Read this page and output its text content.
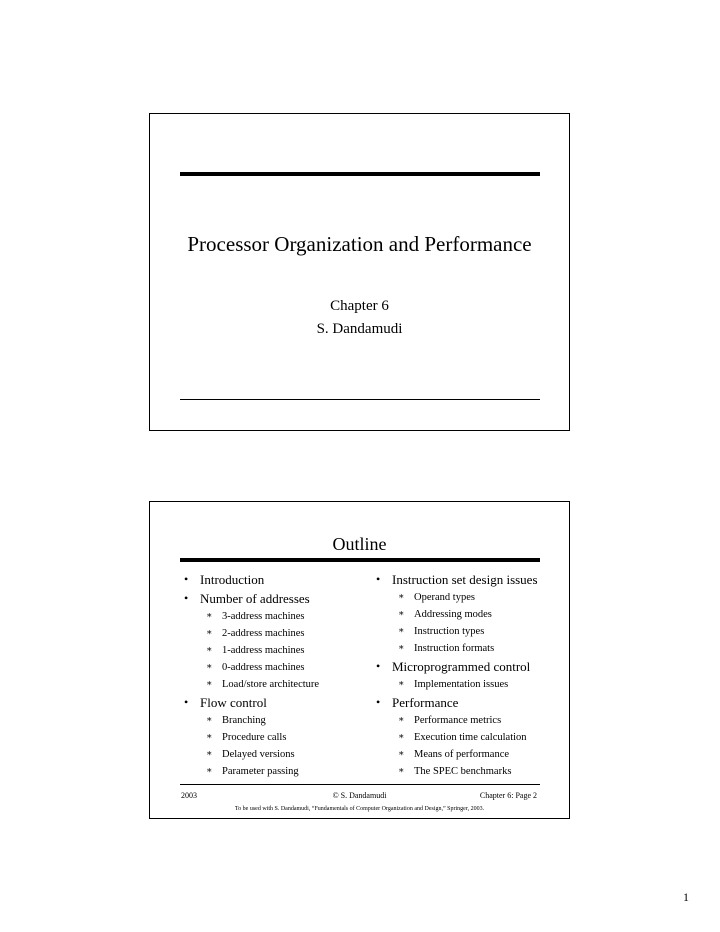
Processor Organization and Performance
Chapter 6
S. Dandamudi
Outline
• Introduction
• Number of addresses
∗ 3-address machines
∗ 2-address machines
∗ 1-address machines
∗ 0-address machines
∗ Load/store architecture
• Flow control
∗ Branching
∗ Procedure calls
∗ Delayed versions
∗ Parameter passing
• Instruction set design issues
∗ Operand types
∗ Addressing modes
∗ Instruction types
∗ Instruction formats
• Microprogrammed control
∗ Implementation issues
• Performance
∗ Performance metrics
∗ Execution time calculation
∗ Means of performance
∗ The SPEC benchmarks
2003	© S. Dandamudi	Chapter 6: Page 2
To be used with S. Dandamudi, “Fundamentals of Computer Organization and Design,” Springer, 2003.
1
